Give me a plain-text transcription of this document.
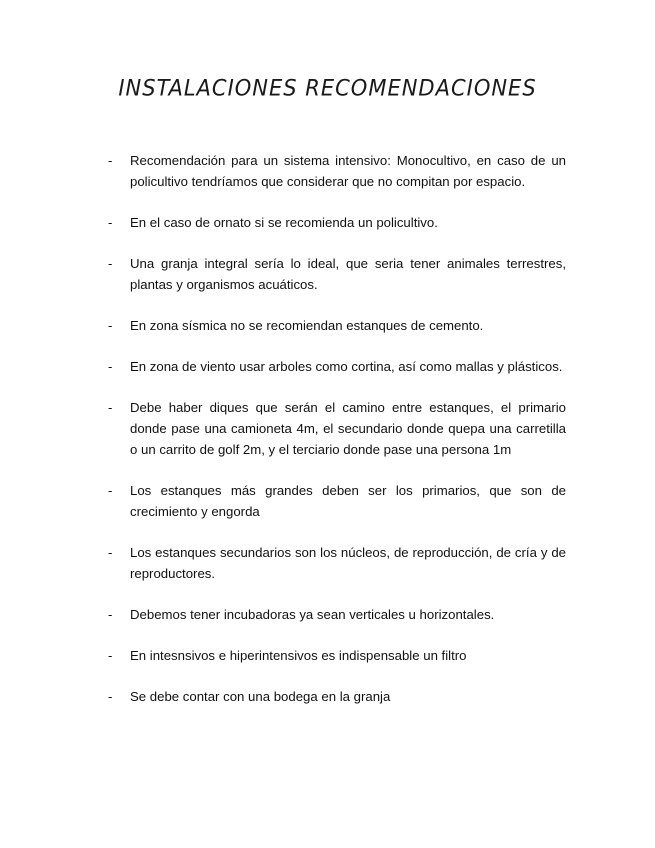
INSTALACIONES RECOMENDACIONES
- Recomendación para un sistema intensivo: Monocultivo, en caso de un policultivo tendríamos que considerar que no compitan por espacio.
- En el caso de ornato si se recomienda un policultivo.
- Una granja integral sería lo ideal, que seria tener animales terrestres, plantas y organismos acuáticos.
- En zona sísmica no se recomiendan estanques de cemento.
- En zona de viento usar arboles como cortina, así como mallas y plásticos.
- Debe haber diques que serán el camino entre estanques, el primario donde pase una camioneta 4m, el secundario donde quepa una carretilla o un carrito de golf 2m, y el terciario donde pase una persona 1m
- Los estanques más grandes deben ser los primarios, que son de crecimiento y engorda
- Los estanques secundarios son los núcleos, de reproducción, de cría y de reproductores.
- Debemos tener incubadoras ya sean verticales u horizontales.
- En intesnsivos e hiperintensivos es indispensable un filtro
- Se debe contar con una bodega en la granja
